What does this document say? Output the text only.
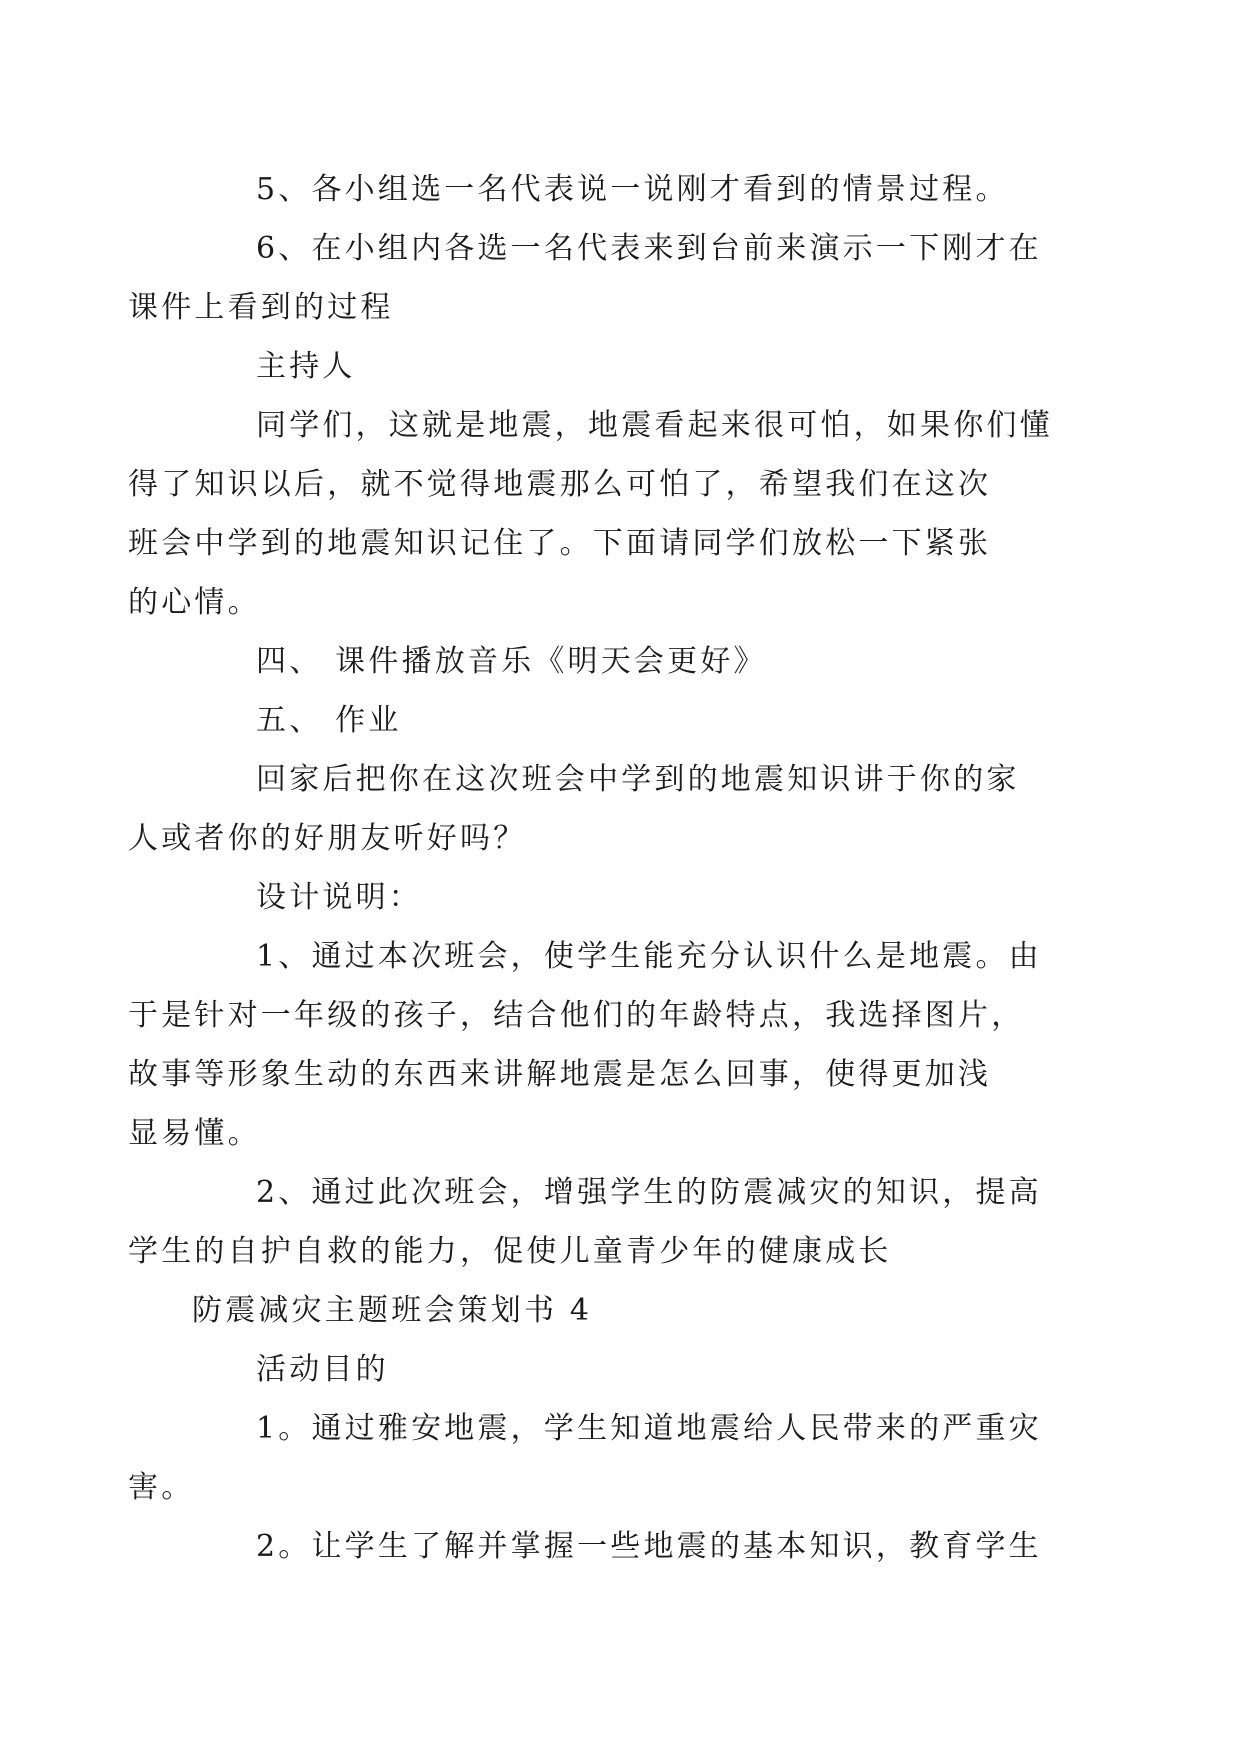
5、各小组选一名代表说一说刚才看到的情景过程。

6、在小组内各选一名代表来到台前来演示一下刚才在
课件上看到的过程

主持人

同学们，这就是地震，地震看起来很可怕，如果你们懂
得了知识以后，就不觉得地震那么可怕了，希望我们在这次
班会中学到的地震知识记住了。下面请同学们放松一下紧张
的心情。

四、 课件播放音乐《明天会更好》

五、 作业

回家后把你在这次班会中学到的地震知识讲于你的家
人或者你的好朋友听好吗？

设计说明：

1、通过本次班会，使学生能充分认识什么是地震。由
于是针对一年级的孩子，结合他们的年龄特点，我选择图片，
故事等形象生动的东西来讲解地震是怎么回事，使得更加浅
显易懂。

2、通过此次班会，增强学生的防震减灾的知识，提高
学生的自护自救的能力，促使儿童青少年的健康成长

防震减灾主题班会策划书 4

活动目的

1。通过雅安地震，学生知道地震给人民带来的严重灾
害。

2。让学生了解并掌握一些地震的基本知识，教育学生
